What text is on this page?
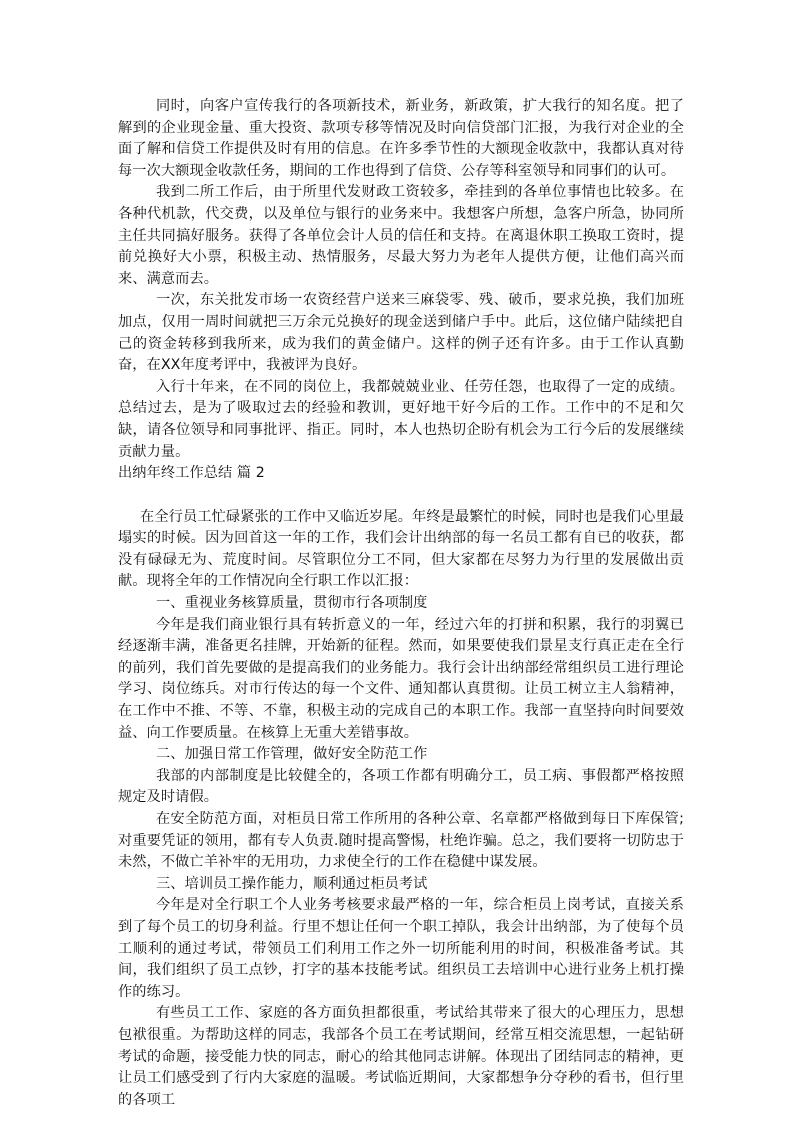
同时，向客户宣传我行的各项新技术，新业务，新政策，扩大我行的知名度。把了解到的企业现金量、重大投资、款项专移等情况及时向信贷部门汇报，为我行对企业的全面了解和信贷工作提供及时有用的信息。在许多季节性的大额现金收款中，我都认真对待每一次大额现金收款任务，期间的工作也得到了信贷、公存等科室领导和同事们的认可。

我到二所工作后，由于所里代发财政工资较多，牵挂到的各单位事情也比较多。在各种代机款，代交费，以及单位与银行的业务来中。我想客户所想，急客户所急，协同所主任共同搞好服务。获得了各单位会计人员的信任和支持。在离退休职工换取工资时，提前兑换好大小票，积极主动、热情服务，尽最大努力为老年人提供方便，让他们高兴而来、满意而去。

一次，东关批发市场一农资经营户送来三麻袋零、残、破币，要求兑换，我们加班加点，仅用一周时间就把三万余元兑换好的现金送到储户手中。此后，这位储户陆续把自己的资金转移到我所来，成为我们的黄金储户。这样的例子还有许多。由于工作认真勤奋，在XX年度考评中，我被评为良好。

入行十年来，在不同的岗位上，我都兢兢业业、任劳任怨，也取得了一定的成绩。总结过去，是为了吸取过去的经验和教训，更好地干好今后的工作。工作中的不足和欠缺，请各位领导和同事批评、指正。同时，本人也热切企盼有机会为工行今后的发展继续贡献力量。

出纳年终工作总结 篇 2

在全行员工忙碌紧张的工作中又临近岁尾。年终是最繁忙的时候，同时也是我们心里最塌实的时候。因为回首这一年的工作，我们会计出纳部的每一名员工都有自已的收获，都没有碌碌无为、荒度时间。尽管职位分工不同，但大家都在尽努力为行里的发展做出贡献。现将全年的工作情况向全行职工作以汇报：

一、重视业务核算质量，贯彻市行各项制度

今年是我们商业银行具有转折意义的一年，经过六年的打拼和积累，我行的羽翼已经逐渐丰满，准备更名挂牌，开始新的征程。然而，如果要使我们景星支行真正走在全行的前列，我们首先要做的是提高我们的业务能力。我行会计出纳部经常组织员工进行理论学习、岗位练兵。对市行传达的每一个文件、通知都认真贯彻。让员工树立主人翁精神，在工作中不推、不等、不靠，积极主动的完成自己的本职工作。我部一直坚持向时间要效益、向工作要质量。在核算上无重大差错事故。

二、加强日常工作管理，做好安全防范工作

我部的内部制度是比较健全的，各项工作都有明确分工，员工病、事假都严格按照规定及时请假。

在安全防范方面，对柜员日常工作所用的各种公章、名章都严格做到每日下库保管;对重要凭证的领用，都有专人负责.随时提高警惕，杜绝诈骗。总之，我们要将一切防忠于未然，不做亡羊补牢的无用功，力求使全行的工作在稳健中谋发展。

三、培训员工操作能力，顺利通过柜员考试

今年是对全行职工个人业务考核要求最严格的一年，综合柜员上岗考试，直接关系到了每个员工的切身利益。行里不想让任何一个职工掉队，我会计出纳部，为了使每个员工顺利的通过考试，带领员工们利用工作之外一切所能利用的时间，积极准备考试。其间，我们组织了员工点钞，打字的基本技能考试。组织员工去培训中心进行业务上机打操作的练习。

有些员工工作、家庭的各方面负担都很重，考试给其带来了很大的心理压力，思想包袱很重。为帮助这样的同志，我部各个员工在考试期间，经常互相交流思想，一起钻研考试的命题，接受能力快的同志，耐心的给其他同志讲解。体现出了团结同志的精神，更让员工们感受到了行内大家庭的温暖。考试临近期间，大家都想争分夺秒的看书，但行里的各项工
